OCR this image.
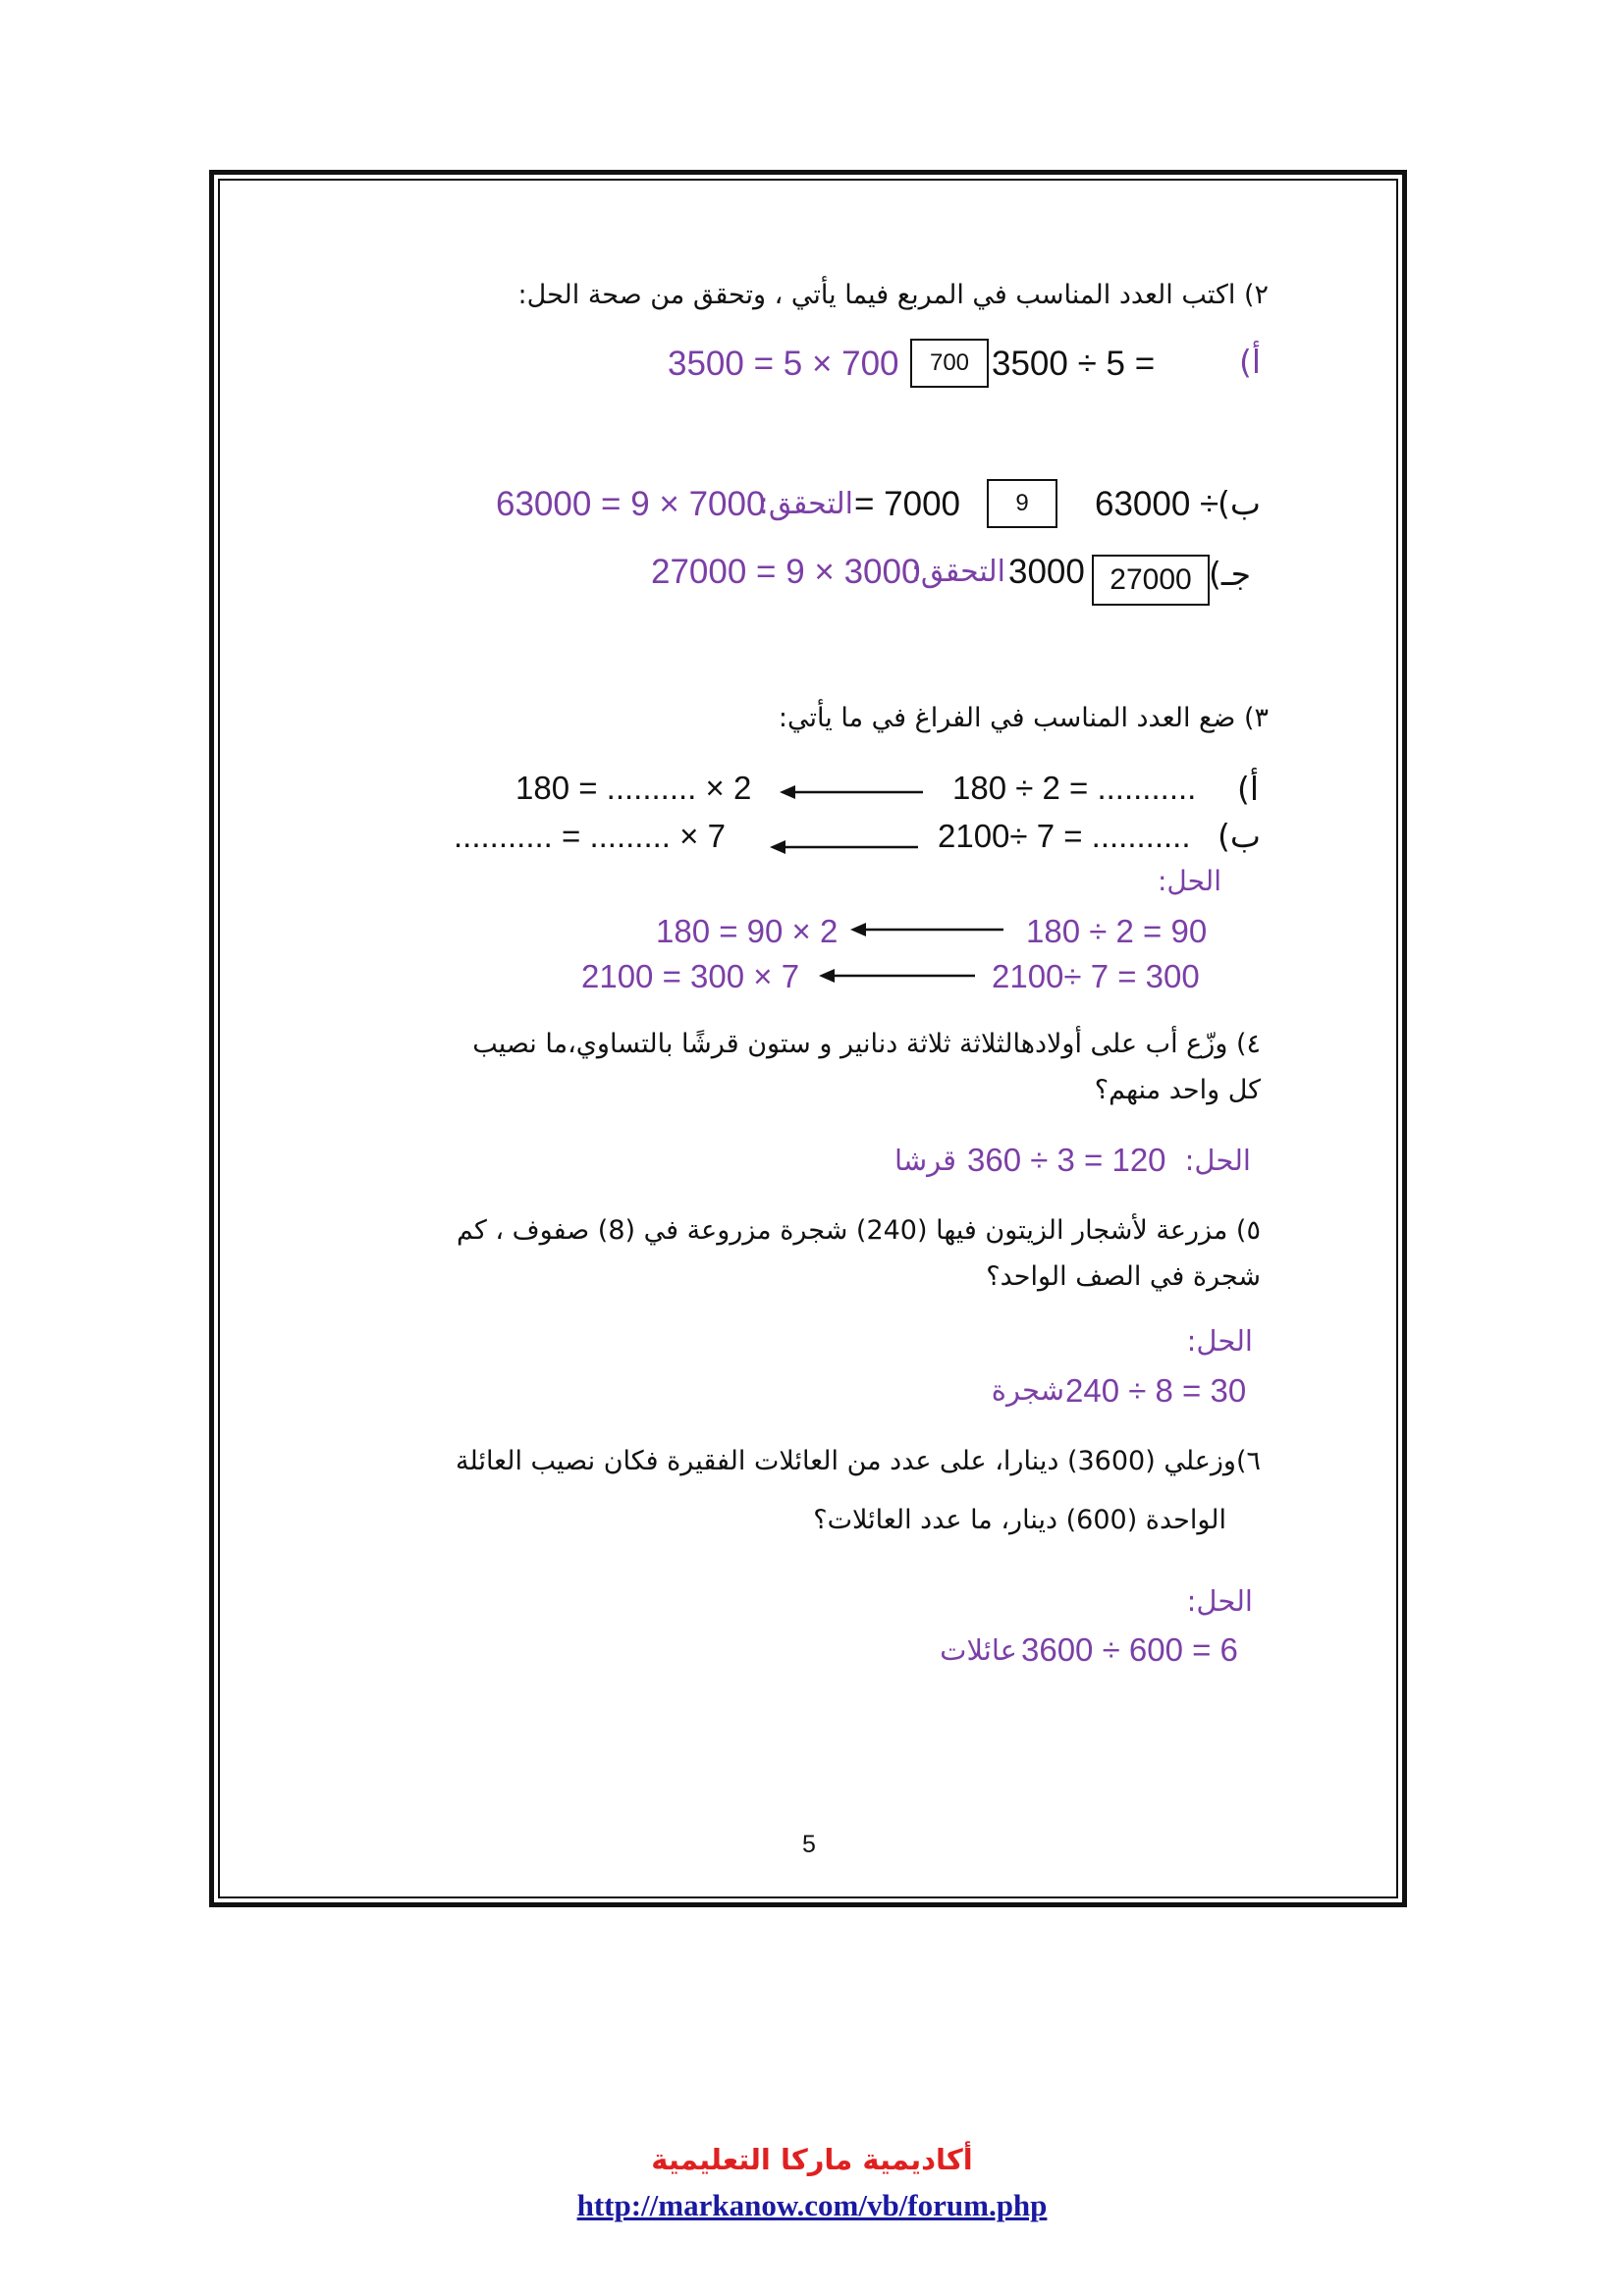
٢) اكتب العدد المناسب في المربع فيما يأتي ، وتحقق من صحة الحل:
أ)
3500 ÷ 5 =
700
3500 = 5 × 700
ب)
63000 ÷
9
= 7000
التحقق:
63000 = 9 × 7000
جـ)
27000
3000
التحقق:
27000 = 9 × 3000
٣) ضع العدد المناسب في الفراغ في ما يأتي:
أ)
180 ÷ 2 = ...........
180 = .......... × 2
ب)
2100÷ 7 = ...........
........... = ......... × 7
الحل:
180 ÷ 2 = 90
180 = 90 × 2
2100÷ 7 = 300
2100 = 300 × 7
٤) وزّع أب على أولادهالثلاثة ثلاثة دنانير و ستون قرشًا بالتساوي،ما نصيب
كل واحد منهم؟
الحل:
360 ÷ 3 = 120
قرشا
٥) مزرعة لأشجار الزيتون فيها (240) شجرة مزروعة في (8) صفوف ، كم
شجرة في الصف الواحد؟
الحل:
240 ÷ 8 = 30
شجرة
٦)وزعلي (3600) دينارا، على عدد من العائلات الفقيرة فكان نصيب العائلة
الواحدة (600) دينار، ما عدد العائلات؟
الحل:
3600 ÷ 600 = 6
عائلات
5
أكاديمية ماركا التعليمية
http://markanow.com/vb/forum.php
